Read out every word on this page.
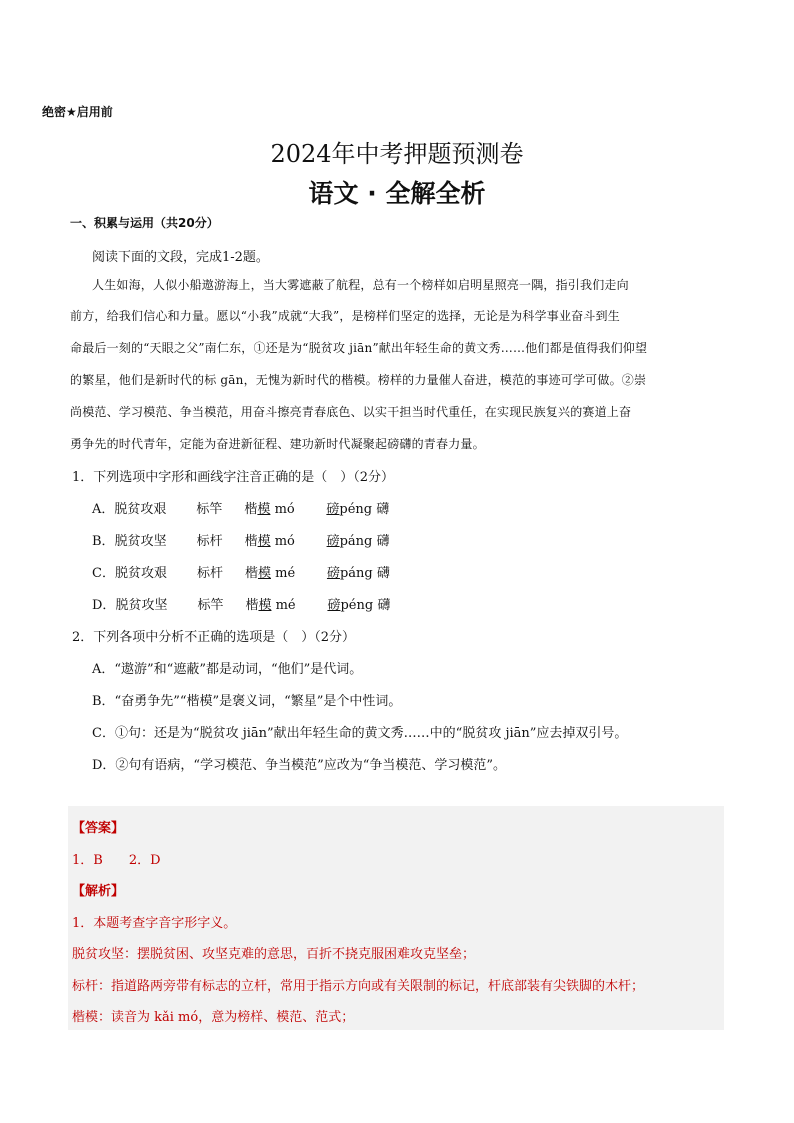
绝密★启用前
2024年中考押题预测卷
语文 · 全解全析
一、积累与运用（共20分）
阅读下面的文段，完成1-2题。
人生如海，人似小船遨游海上，当大雾遮蔽了航程，总有一个榜样如启明星照亮一隅，指引我们走向
前方，给我们信心和力量。愿以“小我”成就“大我”，是榜样们坚定的选择，无论是为科学事业奋斗到生
命最后一刻的“天眼之父”南仁东，①还是为“脱贫攻 jiān”献出年轻生命的黄文秀……他们都是值得我们仰望
的繁星，他们是新时代的标 gān，无愧为新时代的楷模。榜样的力量催人奋进，模范的事迹可学可做。②崇
尚模范、学习模范、争当模范，用奋斗擦亮青春底色、以实干担当时代重任，在实现民族复兴的赛道上奋
勇争先的时代青年，定能为奋进新征程、建功新时代凝聚起磅礴的青春力量。
1．下列选项中字形和画线字注音正确的是（　）（2分）
A．脱贫攻艰 标竿 楷模 mó 磅péng 礴
B．脱贫攻坚 标杆 楷模 mó 磅páng 礴
C．脱贫攻艰 标杆 楷模 mé 磅páng 礴
D．脱贫攻坚 标竿 楷模 mé 磅péng 礴
2．下列各项中分析不正确的选项是（　）（2分）
A．“遨游”和“遮蔽”都是动词，“他们”是代词。
B．“奋勇争先”“楷模”是褒义词，“繁星”是个中性词。
C．①句：还是为“脱贫攻 jiān”献出年轻生命的黄文秀……中的“脱贫攻 jiān”应去掉双引号。
D．②句有语病，“学习模范、争当模范”应改为“争当模范、学习模范”。
【答案】
1．B　　2．D
【解析】
1．本题考查字音字形字义。
脱贫攻坚：摆脱贫困、攻坚克难的意思，百折不挠克服困难攻克坚垒；
标杆：指道路两旁带有标志的立杆，常用于指示方向或有关限制的标记，杆底部装有尖铁脚的木杆；
楷模：读音为 kǎi mó，意为榜样、模范、范式；
